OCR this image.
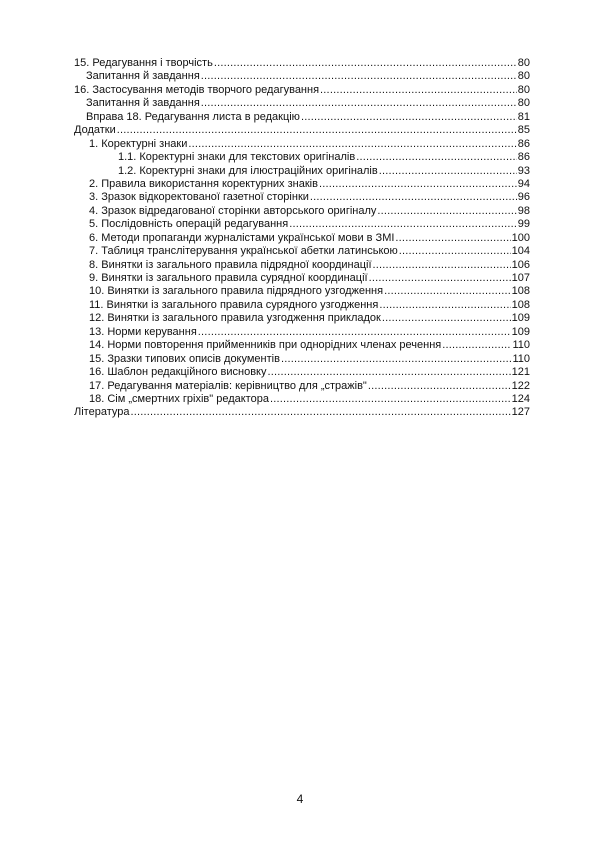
15. Редагування і творчість .....	80
Запитання й завдання .....	80
16. Застосування методів творчого редагування .....	80
Запитання й завдання .....	80
Вправа 18. Редагування листа в редакцію .....	81
Додатки .....	85
1. Коректурні знаки .....	86
1.1. Коректурні знаки для текстових оригіналів .....	86
1.2. Коректурні знаки для ілюстраційних оригіналів .....	93
2. Правила використання коректурних знаків .....	94
3. Зразок відкоректованої газетної сторінки .....	96
4. Зразок відредагованої сторінки авторського оригіналу .....	98
5. Послідовність операцій редагування .....	99
6. Методи пропаганди журналістами української мови в ЗМІ .....	100
7. Таблиця транслітерування української абетки латинською .....	104
8. Винятки із загального правила підрядної координації .....	106
9. Винятки із загального правила сурядної координації .....	107
10. Винятки із загального правила підрядного узгодження .....	108
11. Винятки із загального правила сурядного узгодження .....	108
12. Винятки із загального правила узгодження прикладок .....	109
13. Норми керування .....	109
14. Норми повторення прийменників при однорідних членах речення .....	110
15. Зразки типових описів документів .....	110
16. Шаблон редакційного висновку .....	121
17. Редагування матеріалів: керівництво для „стражів" .....	122
18. Сім „смертних гріхів" редактора .....	124
Література .....	127
4
